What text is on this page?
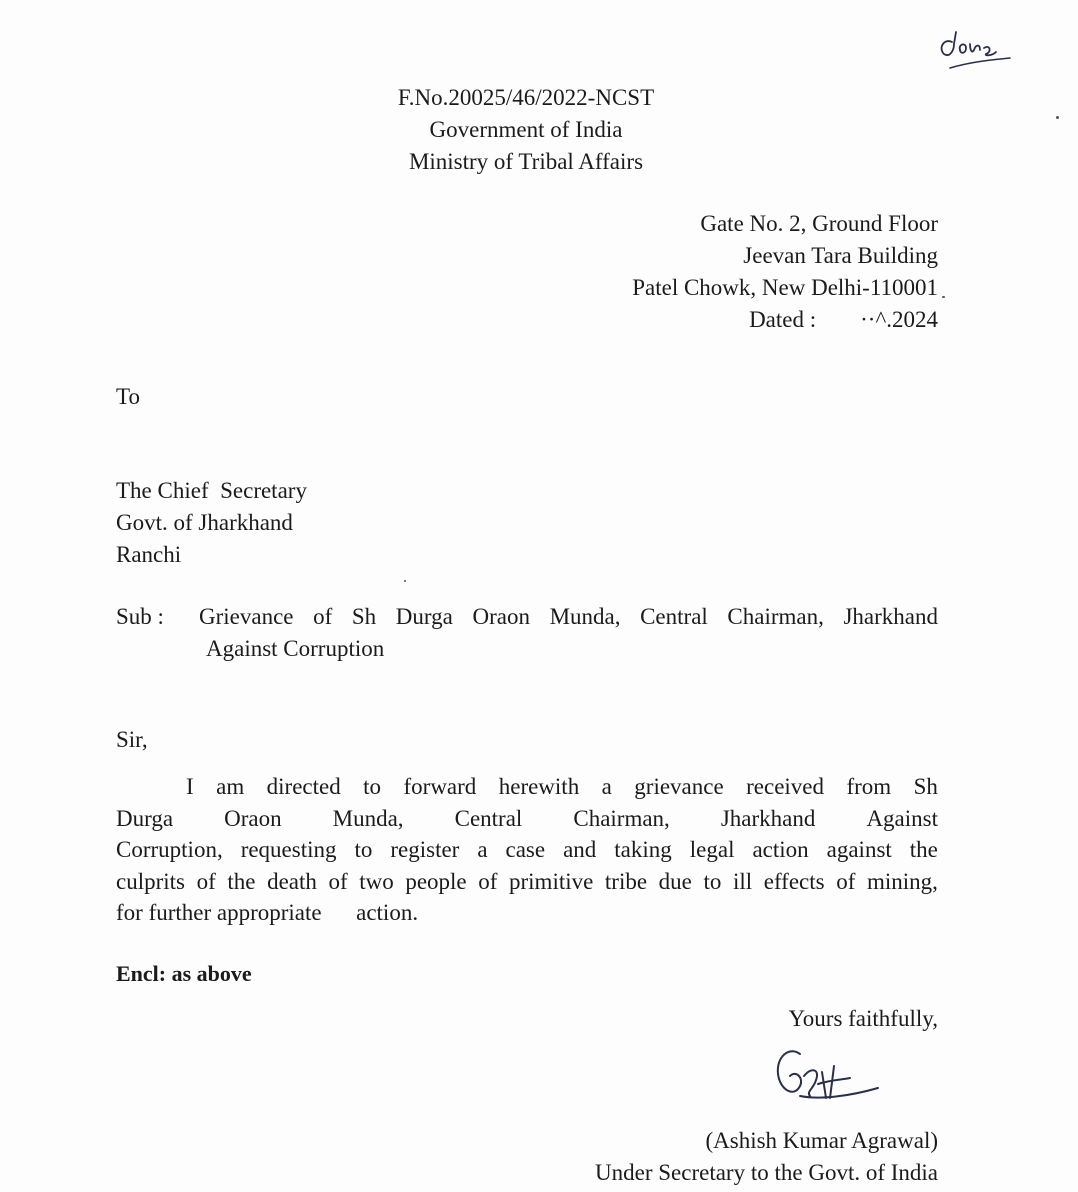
F.No.20025/46/2022-NCST
Government of India
Ministry of Tribal Affairs
Gate No. 2, Ground Floor
Jeevan Tara Building
Patel Chowk, New Delhi-110001
Dated : ··^.2024
To
The Chief  Secretary
Govt. of Jharkhand
Ranchi
Sub : Grievance of Sh Durga Oraon Munda, Central Chairman, Jharkhand
Against Corruption
Sir,
I am directed to forward herewith a grievance received from Sh
Durga Oraon Munda, Central Chairman, Jharkhand Against
Corruption, requesting to register a case and taking legal action against the
culprits of the death of two people of primitive tribe due to ill effects of mining,
for further appropriate      action.
Encl: as above
Yours faithfully,
(Ashish Kumar Agrawal)
Under Secretary to the Govt. of India
